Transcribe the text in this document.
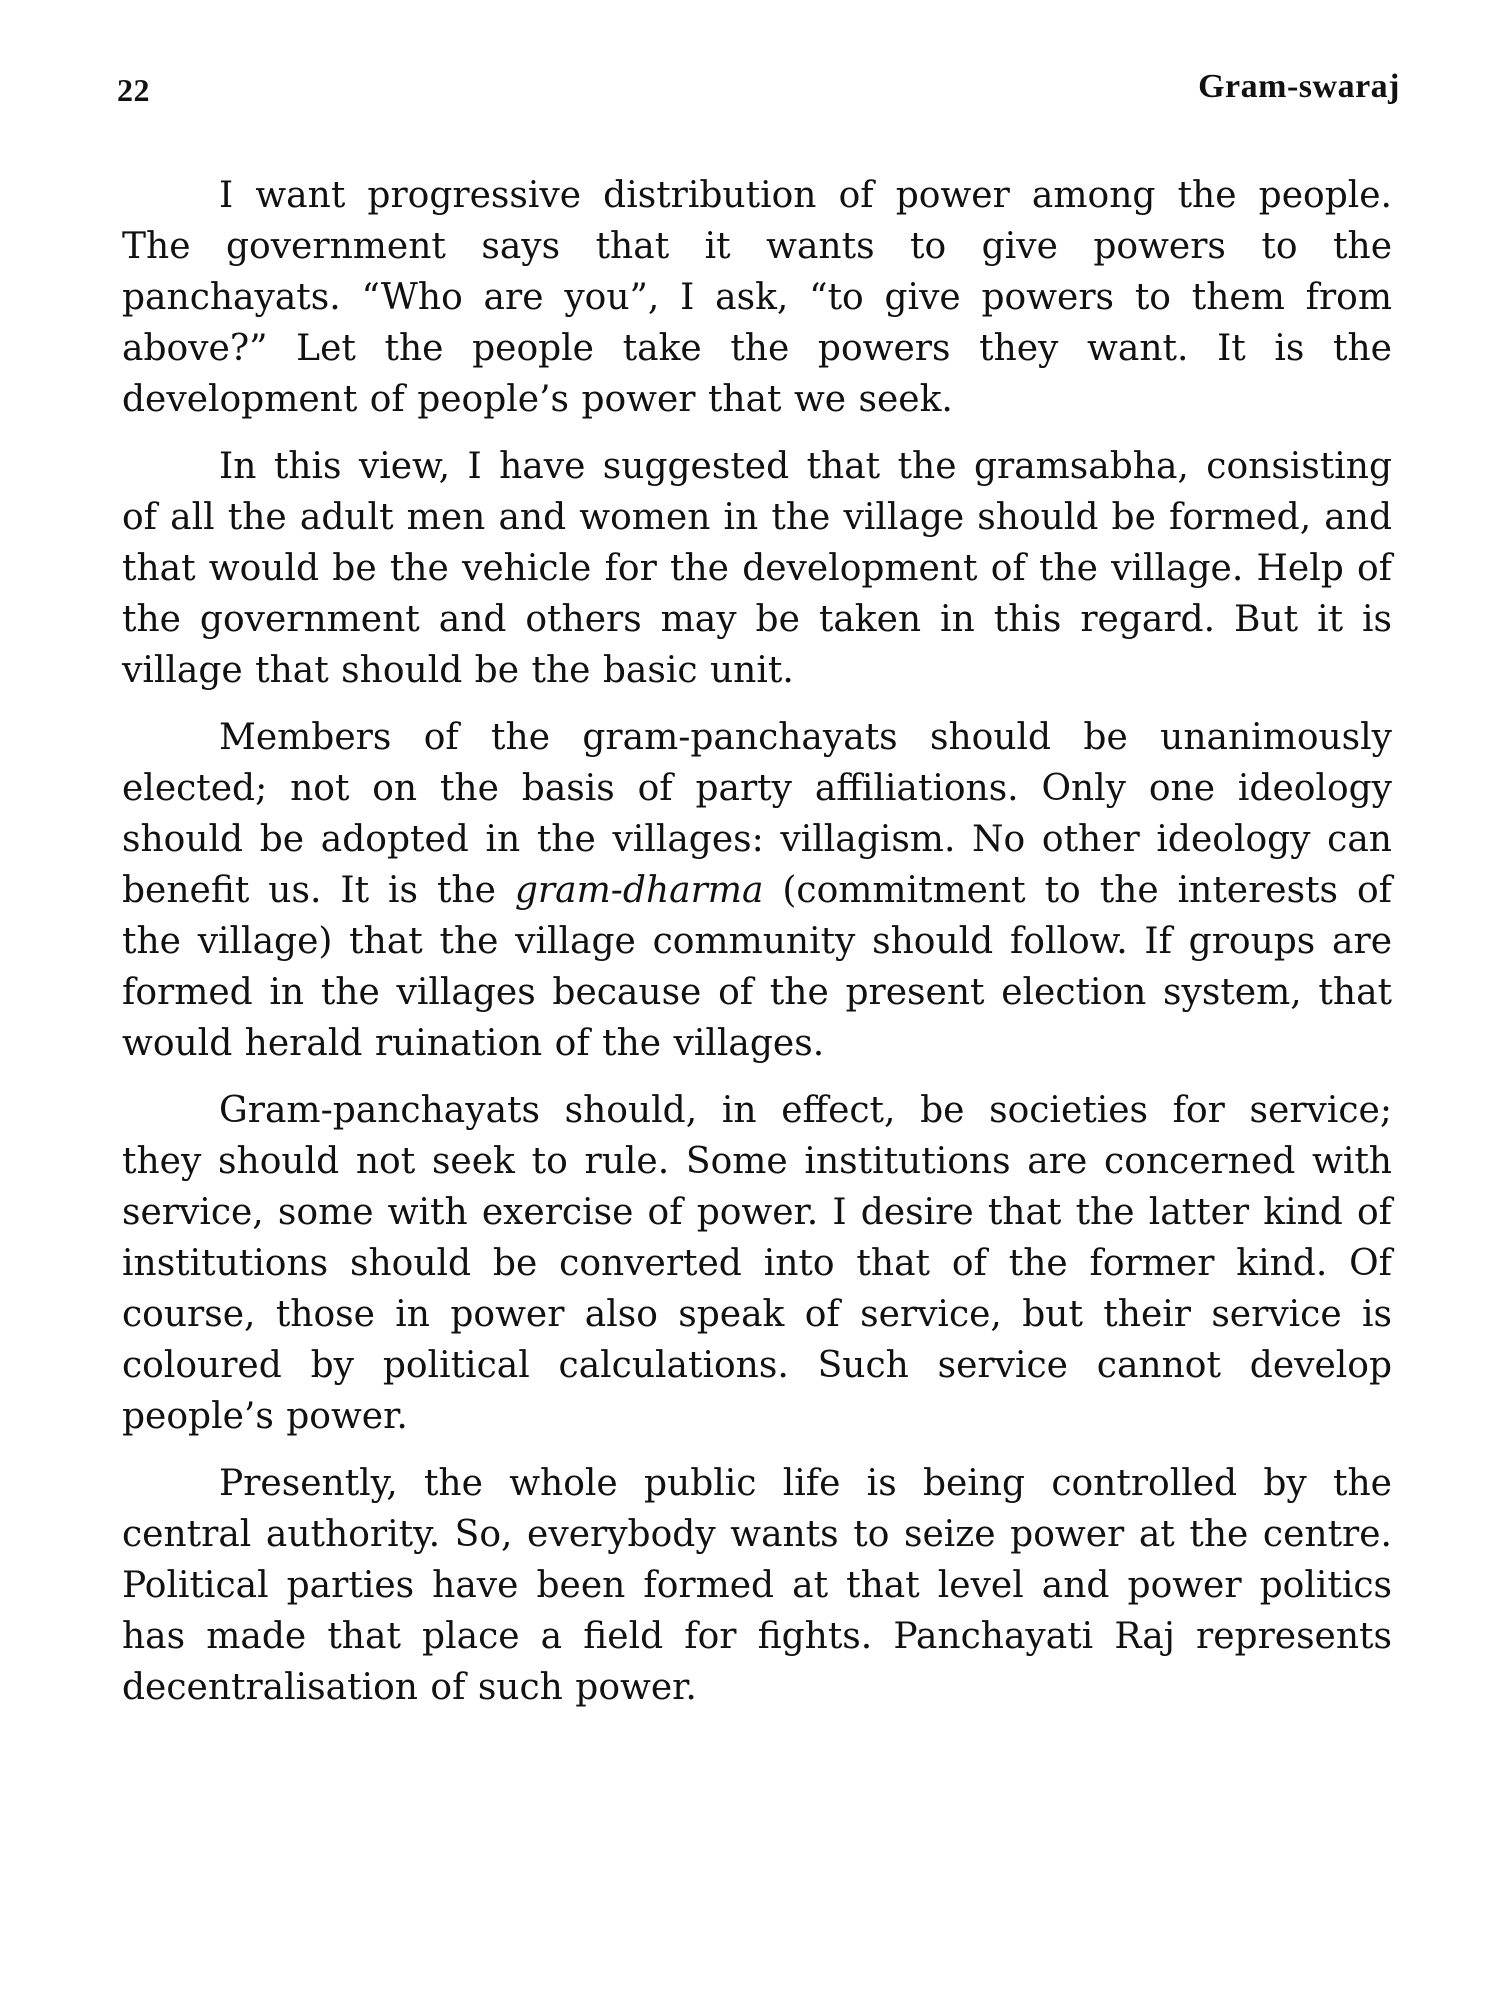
22	Gram-swaraj

I want progressive distribution of power among the people. The government says that it wants to give powers to the panchayats. “Who are you”, I ask, “to give powers to them from above?” Let the people take the powers they want. It is the development of people’s power that we seek.

In this view, I have suggested that the gramsabha, consisting of all the adult men and women in the village should be formed, and that would be the vehicle for the development of the village. Help of the government and others may be taken in this regard. But it is village that should be the basic unit.

Members of the gram-panchayats should be unanimously elected; not on the basis of party affiliations. Only one ideology should be adopted in the villages: villagism. No other ideology can benefit us. It is the gram-dharma (commitment to the interests of the village) that the village community should follow. If groups are formed in the villages because of the present election system, that would herald ruination of the villages.

Gram-panchayats should, in effect, be societies for service; they should not seek to rule. Some institutions are concerned with service, some with exercise of power. I desire that the latter kind of institutions should be converted into that of the former kind. Of course, those in power also speak of service, but their service is coloured by political calculations. Such service cannot develop people’s power.

Presently, the whole public life is being controlled by the central authority. So, everybody wants to seize power at the centre. Political parties have been formed at that level and power politics has made that place a field for fights. Panchayati Raj represents decentralisation of such power.
